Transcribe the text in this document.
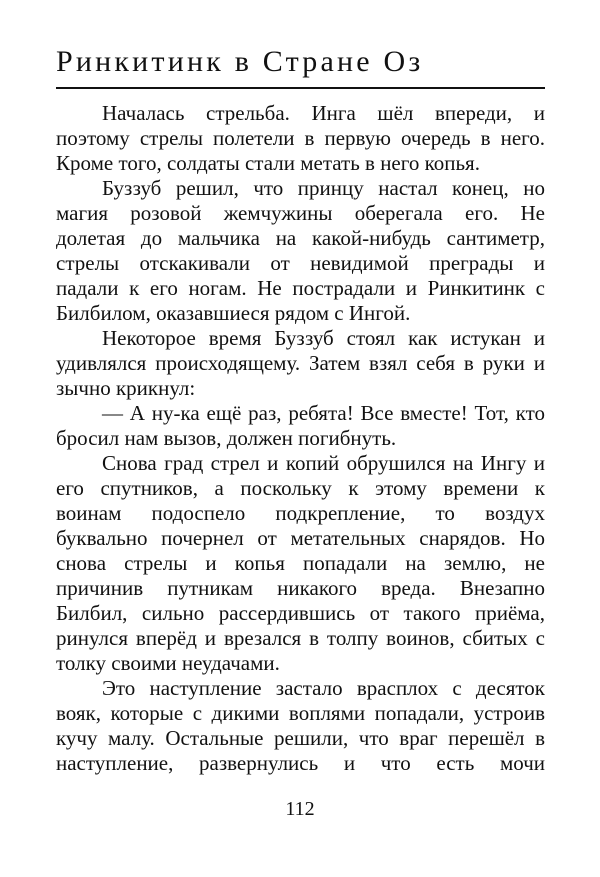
Ринкитинк в Стране Оз
Началась стрельба. Инга шёл впереди, и
поэтому стрелы полетели в первую очередь в него.
Кроме того, солдаты стали метать в него копья.
Буззуб решил, что принцу настал конец, но
магия розовой жемчужины оберегала его. Не
долетая до мальчика на какой-нибудь сантиметр,
стрелы отскакивали от невидимой преграды и
падали к его ногам. Не пострадали и Ринкитинк с
Билбилом, оказавшиеся рядом с Ингой.
Некоторое время Буззуб стоял как истукан и
удивлялся происходящему. Затем взял себя в руки и
зычно крикнул:
— А ну-ка ещё раз, ребята! Все вместе! Тот, кто
бросил нам вызов, должен погибнуть.
Снова град стрел и копий обрушился на Ингу и
его спутников, а поскольку к этому времени к
воинам подоспело подкрепление, то воздух
буквально почернел от метательных снарядов. Но
снова стрелы и копья попадали на землю, не
причинив путникам никакого вреда. Внезапно
Билбил, сильно рассердившись от такого приёма,
ринулся вперёд и врезался в толпу воинов, сбитых с
толку своими неудачами.
Это наступление застало врасплох с десяток
вояк, которые с дикими воплями попадали, устроив
кучу малу. Остальные решили, что враг перешёл в
наступление, развернулись и что есть мочи
112
